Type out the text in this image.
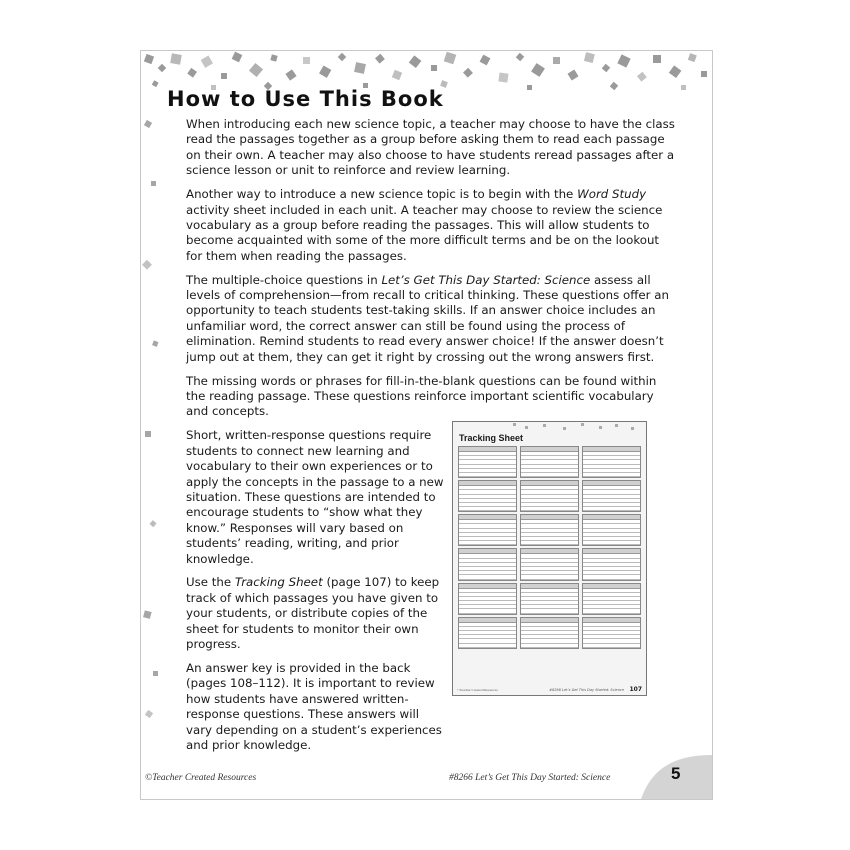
How to Use This Book

When introducing each new science topic, a teacher may choose to have the class read the passages together as a group before asking them to read each passage on their own. A teacher may also choose to have students reread passages after a science lesson or unit to reinforce and review learning.

Another way to introduce a new science topic is to begin with the Word Study activity sheet included in each unit. A teacher may choose to review the science vocabulary as a group before reading the passages. This will allow students to become acquainted with some of the more difficult terms and be on the lookout for them when reading the passages.

The multiple-choice questions in Let’s Get This Day Started: Science assess all levels of comprehension—from recall to critical thinking. These questions offer an opportunity to teach students test-taking skills. If an answer choice includes an unfamiliar word, the correct answer can still be found using the process of elimination. Remind students to read every answer choice! If the answer doesn’t jump out at them, they can get it right by crossing out the wrong answers first.

The missing words or phrases for fill-in-the-blank questions can be found within the reading passage. These questions reinforce important scientific vocabulary and concepts.

Short, written-response questions require students to connect new learning and vocabulary to their own experiences or to apply the concepts in the passage to a new situation. These questions are intended to encourage students to “show what they know.” Responses will vary based on students’ reading, writing, and prior knowledge.

Use the Tracking Sheet (page 107) to keep track of which passages you have given to your students, or distribute copies of the sheet for students to monitor their own progress.

An answer key is provided in the back (pages 108–112). It is important to review how students have answered written-response questions. These answers will vary depending on a student’s experiences and prior knowledge.

Tracking Sheet
©Teacher Created Resources	#8266 Let’s Get This Day Started: Science 107
©Teacher Created Resources	#8266 Let’s Get This Day Started: Science	5
